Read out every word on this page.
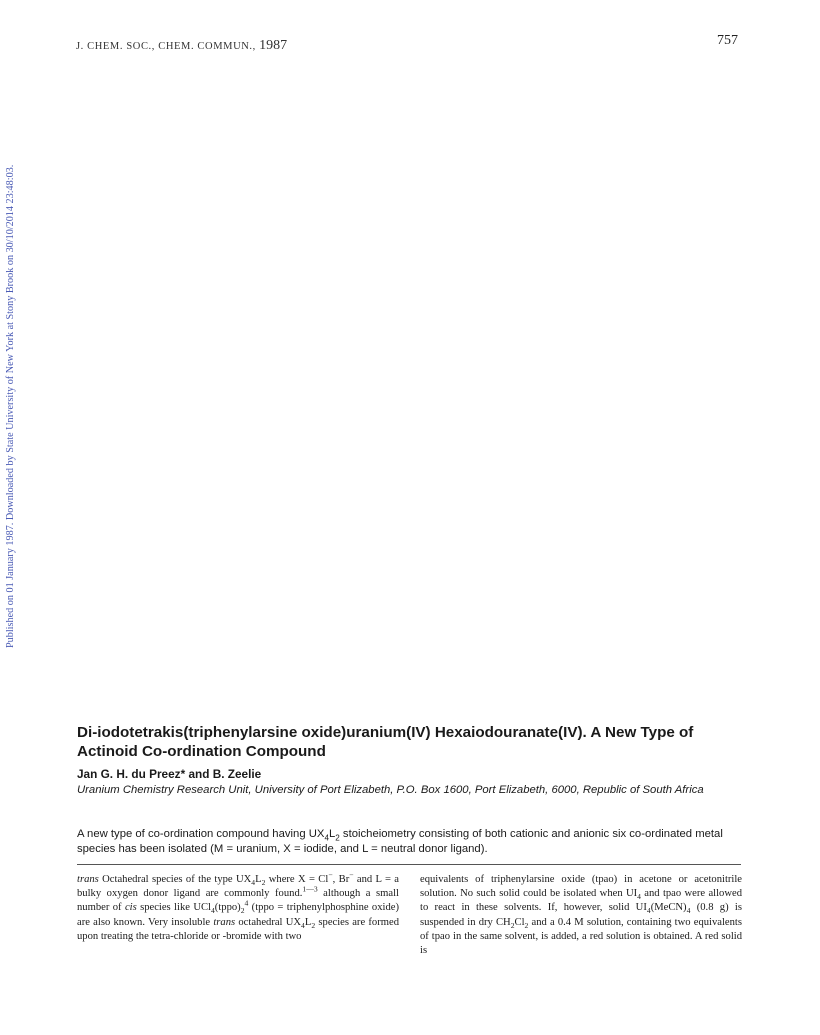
J. CHEM. SOC., CHEM. COMMUN., 1987	757
Published on 01 January 1987. Downloaded by State University of New York at Stony Brook on 30/10/2014 23:48:03.
Di-iodotetrakis(triphenylarsine oxide)uranium(IV) Hexaiodouranate(IV). A New Type of
Actinoid Co-ordination Compound
Jan G. H. du Preez* and B. Zeelie
Uranium Chemistry Research Unit, University of Port Elizabeth, P.O. Box 1600, Port Elizabeth, 6000, Republic of South Africa
A new type of co-ordination compound having $UX_4L_2$ stoicheiometry consisting of both cationic and anionic six co-ordinated metal species has been isolated (M = uranium, X = iodide, and L = neutral donor ligand).
trans Octahedral species of the type $UX_4L_2$ where X = Cl−, Br− and L = a bulky oxygen donor ligand are commonly found.$^{1—3}$ although a small number of cis species like $UCl_4(tppo)_2^4$ (tppo = triphenylphosphine oxide) are also known. Very insoluble trans octahedral $UX_4L_2$ species are formed upon treating the tetra-chloride or -bromide with two
equivalents of triphenylarsine oxide (tpao) in acetone or acetonitrile solution. No such solid could be isolated when $UI_4$ and tpao were allowed to react in these solvents. If, however, solid $UI_4(MeCN)_4$ (0.8 g) is suspended in dry $CH_2Cl_2$ and a 0.4 M solution, containing two equivalents of tpao in the same solvent, is added, a red solution is obtained. A red solid is
